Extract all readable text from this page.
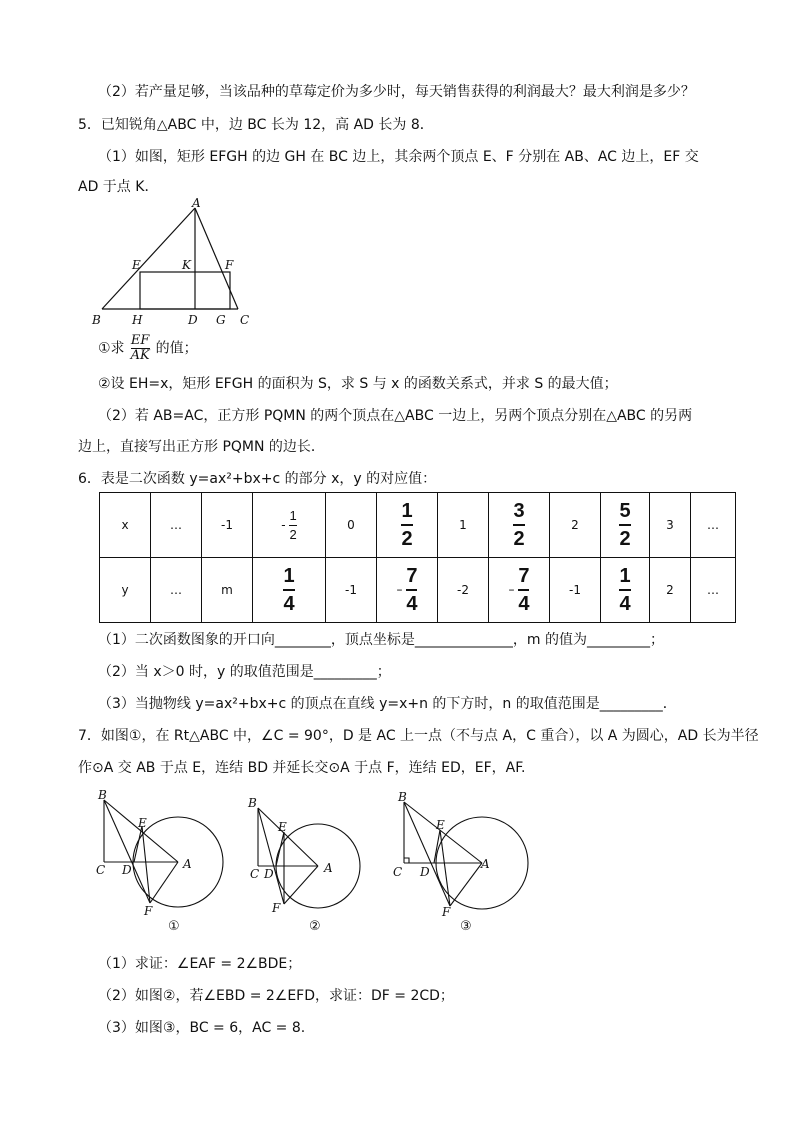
（2）若产量足够，当该品种的草莓定价为多少时，每天销售获得的利润最大？最大利润是多少？
5．已知锐角△ABC 中，边 BC 长为 12，高 AD 长为 8．
（1）如图，矩形 EFGH 的边 GH 在 BC 边上，其余两个顶点 E、F 分别在 AB、AC 边上，EF 交
AD 于点 K．
A
B	H	D G C
E	K	F
①求 $\frac{EF}{AK}$ 的值；
②设 EH=x，矩形 EFGH 的面积为 S，求 S 与 x 的函数关系式，并求 S 的最大值；
（2）若 AB=AC，正方形 PQMN 的两个顶点在△ABC 一边上，另两个顶点分别在△ABC 的另两
边上，直接写出正方形 PQMN 的边长．
6．表是二次函数 y=ax²+bx+c 的部分 x，y 的对应值：
x	…	-1	- $\frac{1}{2}$	0	$\frac{1}{2}$	1	$\frac{3}{2}$	2	$\frac{5}{2}$	3	…
y	…	m	$\frac{1}{4}$	-1	– $\frac{7}{4}$	-2	– $\frac{7}{4}$	-1	$\frac{1}{4}$	2	…
（1）二次函数图象的开口向________，顶点坐标是______________，m 的值为_________；
（2）当 x＞0 时，y 的取值范围是_________；
（3）当抛物线 y=ax²+bx+c 的顶点在直线 y=x+n 的下方时，n 的取值范围是_________．
7．如图①，在 Rt△ABC 中，∠C = 90°，D 是 AC 上一点（不与点 A，C 重合），以 A 为圆心，AD 长为半径
作⊙A 交 AB 于点 E，连结 BD 并延长交⊙A 于点 F，连结 ED，EF，AF.
B
E
C D	A
F
①
B
E
C D	A
F
②
B
E
C D
A
F
③
（1）求证：∠EAF = 2∠BDE；
（2）如图②，若∠EBD = 2∠EFD，求证：DF = 2CD；
（3）如图③，BC = 6，AC = 8.
